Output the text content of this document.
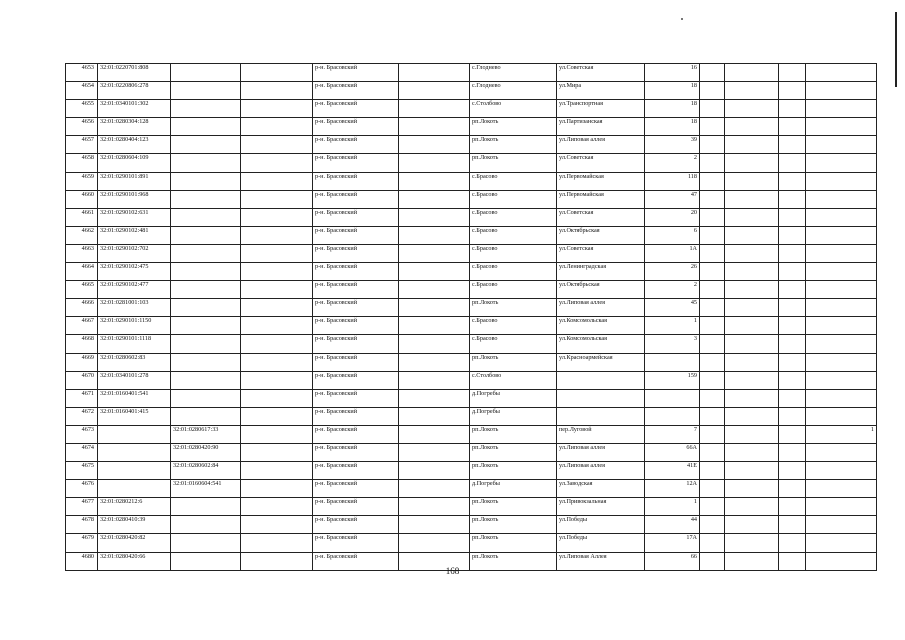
4653	32:01:0220701:808			р-н. Брасовский		с.Глоднево	ул.Советская	16				
4654	32:01:0220806:278			р-н. Брасовский		с.Глоднево	ул.Мира	18				
4655	32:01:0340101:302			р-н. Брасовский		с.Столбово	ул.Транспортная	18				
4656	32:01:0280304:128			р-н. Брасовский		рп.Локоть	ул.Партизанская	18				
4657	32:01:0280404:123			р-н. Брасовский		рп.Локоть	ул.Липовая аллея	39				
4658	32:01:0280604:109			р-н. Брасовский		рп.Локоть	ул.Советская	2				
4659	32:01:0290101:891			р-н. Брасовский		с.Брасово	ул.Первомайская	118				
4660	32:01:0290101:968			р-н. Брасовский		с.Брасово	ул.Первомайская	47				
4661	32:01:0290102:631			р-н. Брасовский		с.Брасово	ул.Советская	20				
4662	32:01:0290102:481			р-н. Брасовский		с.Брасово	ул.Октябрьская	6				
4663	32:01:0290102:702			р-н. Брасовский		с.Брасово	ул.Советская	1А				
4664	32:01:0290102:475			р-н. Брасовский		с.Брасово	ул.Ленинградская	26				
4665	32:01:0290102:477			р-н. Брасовский		с.Брасово	ул.Октябрьская	2				
4666	32:01:0281001:103			р-н. Брасовский		рп.Локоть	ул.Липовая аллея	45				
4667	32:01:0290101:1150			р-н. Брасовский		с.Брасово	ул.Комсомольская	1				
4668	32:01:0290101:1118			р-н. Брасовский		с.Брасово	ул.Комсомольская	3				
4669	32:01:0280602:83			р-н. Брасовский		рп.Локоть	ул.Красноармейская					
4670	32:01:0340101:278			р-н. Брасовский		с.Столбово		159				
4671	32:01:0160401:541			р-н. Брасовский		д.Погребы						
4672	32:01:0160401:415			р-н. Брасовский		д.Погребы						
4673		32:01:0280617:33		р-н. Брасовский		рп.Локоть	пер.Луговой	7				1
4674		32:01:0280420:90		р-н. Брасовский		рп.Локоть	ул.Липовая аллея	66А				
4675		32:01:0280602:84		р-н. Брасовский		рп.Локоть	ул.Липовая аллея	41Е				
4676		32:01:0160604:541		р-н. Брасовский		д.Погребы	ул.Заводская	12А				
4677	32:01:0280212:6			р-н. Брасовский		рп.Локоть	ул.Привокзальная	1				
4678	32:01:0280410:39			р-н. Брасовский		рп.Локоть	ул.Победы	44				
4679	32:01:0280420:82			р-н. Брасовский		рп.Локоть	ул.Победы	17А				
4680	32:01:0280420:66			р-н. Брасовский		рп.Локоть	ул.Липовая Аллея	66				
168
